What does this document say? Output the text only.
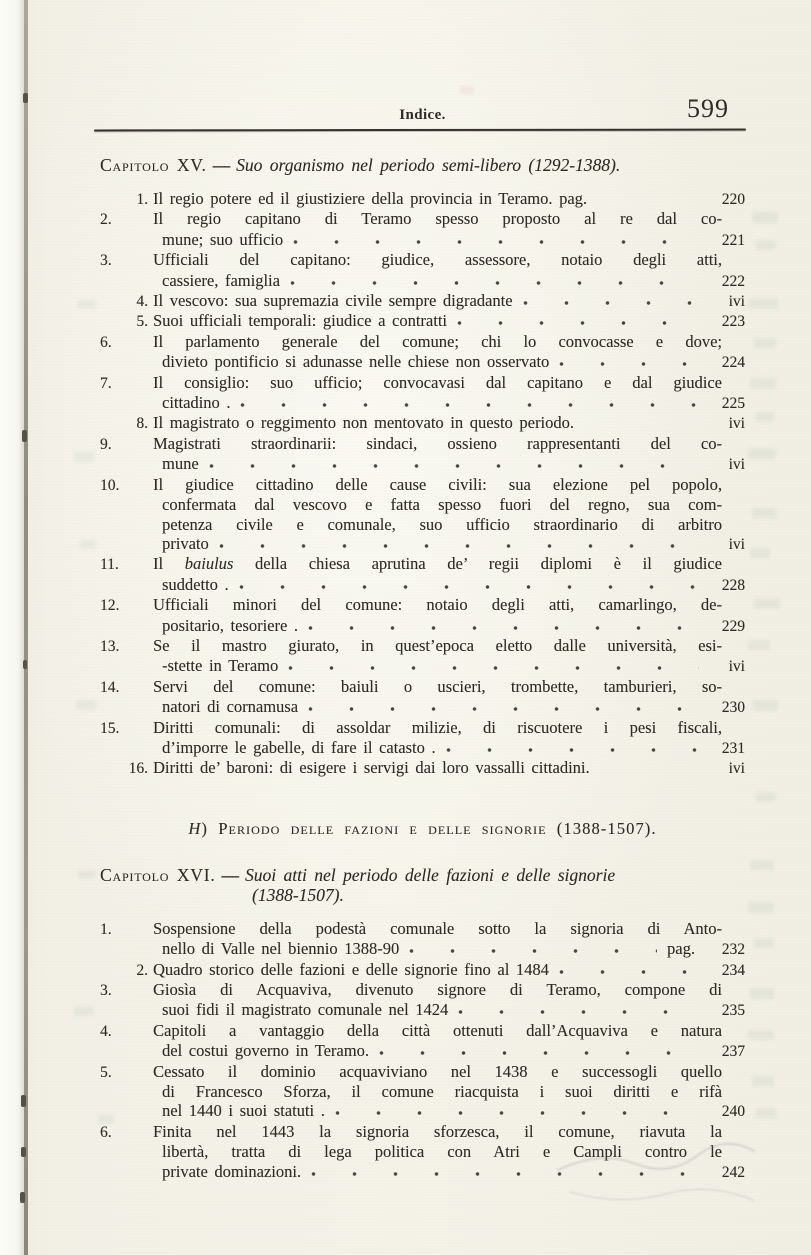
Indice.	599
Capitolo XV. — Suo organismo nel periodo semi-libero (1292-1388).
1. Il regio potere ed il giustiziere della provincia in Teramo. pag.	220
2.	Il regio capitano di Teramo spesso proposto al re dal co-
mune; suo ufficio	221
3.	Ufficiali del capitano: giudice, assessore, notaio degli atti,
cassiere, famiglia	222
4. Il vescovo: sua supremazia civile sempre digradante	ivi
5. Suoi ufficiali temporali: giudice a contratti	223
6.	Il parlamento generale del comune; chi lo convocasse e dove;
divieto pontificio si adunasse nelle chiese non osservato	224
7.	Il consiglio: suo ufficio; convocavasi dal capitano e dal giudice
cittadino .	225
8. Il magistrato o reggimento non mentovato in questo periodo.	ivi
9.	Magistrati straordinarii: sindaci, ossieno rappresentanti del co-
mune	ivi
10. Il giudice cittadino delle cause civili: sua elezione pel popolo,
confermata dal vescovo e fatta spesso fuori del regno, sua com-
petenza civile e comunale, suo ufficio straordinario di arbitro
privato	ivi
11. Il baiulus della chiesa aprutina de’ regii diplomi è il giudice
suddetto .	228
12. Ufficiali minori del comune: notaio degli atti, camarlingo, de-
positario, tesoriere .	229
13. Se il mastro giurato, in quest’epoca eletto dalle università, esi-
-stette in Teramo	ivi
14. Servi del comune: baiuli o uscieri, trombette, tamburieri, so-
natori di cornamusa	230
15. Diritti comunali: di assoldar milizie, di riscuotere i pesi fiscali,
d’imporre le gabelle, di fare il catasto .	231
16. Diritti de’ baroni: di esigere i servigi dai loro vassalli cittadini.	ivi
H) Periodo delle fazioni e delle signorie (1388-1507).
Capitolo XVI. — Suoi atti nel periodo delle fazioni e delle signorie
(1388-1507).
1.	Sospensione della podestà comunale sotto la signoria di Anto-
nello di Valle nel biennio 1388-90	pag.	232
2. Quadro storico delle fazioni e delle signorie fino al 1484	234
3.	Giosìa di Acquaviva, divenuto signore di Teramo, compone di
suoi fidi il magistrato comunale nel 1424	235
4.	Capitoli a vantaggio della città ottenuti dall’Acquaviva e natura
del costui governo in Teramo.	237
5.	Cessato il dominio acquaviviano nel 1438 e successogli quello
di Francesco Sforza, il comune riacquista i suoi diritti e rifà
nel 1440 i suoi statuti .	240
6.	Finita nel 1443 la signoria sforzesca, il comune, riavuta la
libertà, tratta di lega politica con Atri e Campli contro le
private dominazioni.	242
